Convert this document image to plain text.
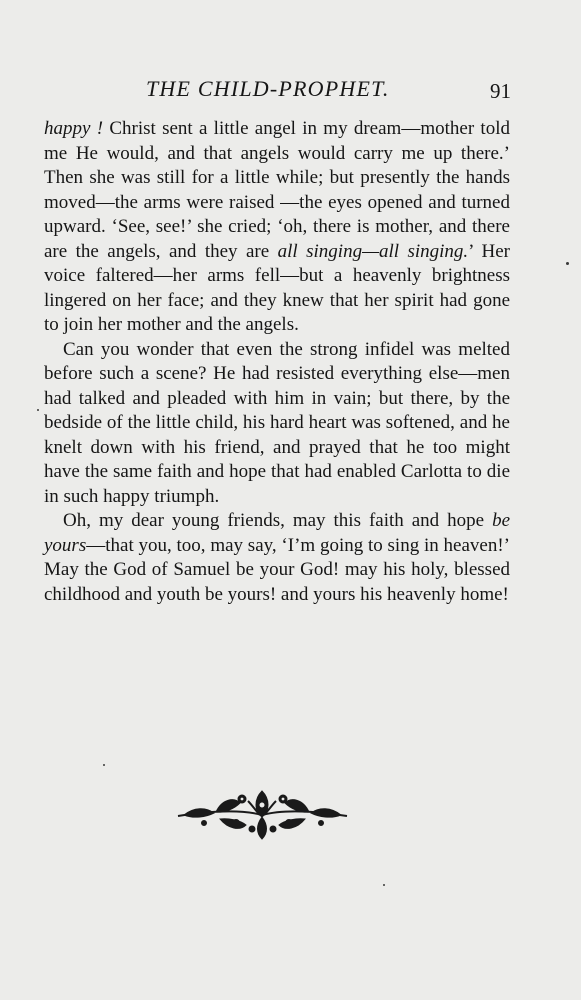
THE CHILD-PROPHET.	91

happy ! Christ sent a little angel in my dream—mother told me He would, and that angels would carry me up there.’ Then she was still for a little while; but presently the hands moved—the arms were raised —the eyes opened and turned upward. ‘See, see!’ she cried; ‘oh, there is mother, and there are the angels, and they are all singing—all singing.’ Her voice faltered—her arms fell—but a heavenly brightness lingered on her face; and they knew that her spirit had gone to join her mother and the angels.

Can you wonder that even the strong infidel was melted before such a scene? He had resisted everything else—men had talked and pleaded with him in vain; but there, by the bedside of the little child, his hard heart was softened, and he knelt down with his friend, and prayed that he too might have the same faith and hope that had enabled Carlotta to die in such happy triumph.

Oh, my dear young friends, may this faith and hope be yours—that you, too, may say, ‘I’m going to sing in heaven!’ May the God of Samuel be your God! may his holy, blessed childhood and youth be yours! and yours his heavenly home!
